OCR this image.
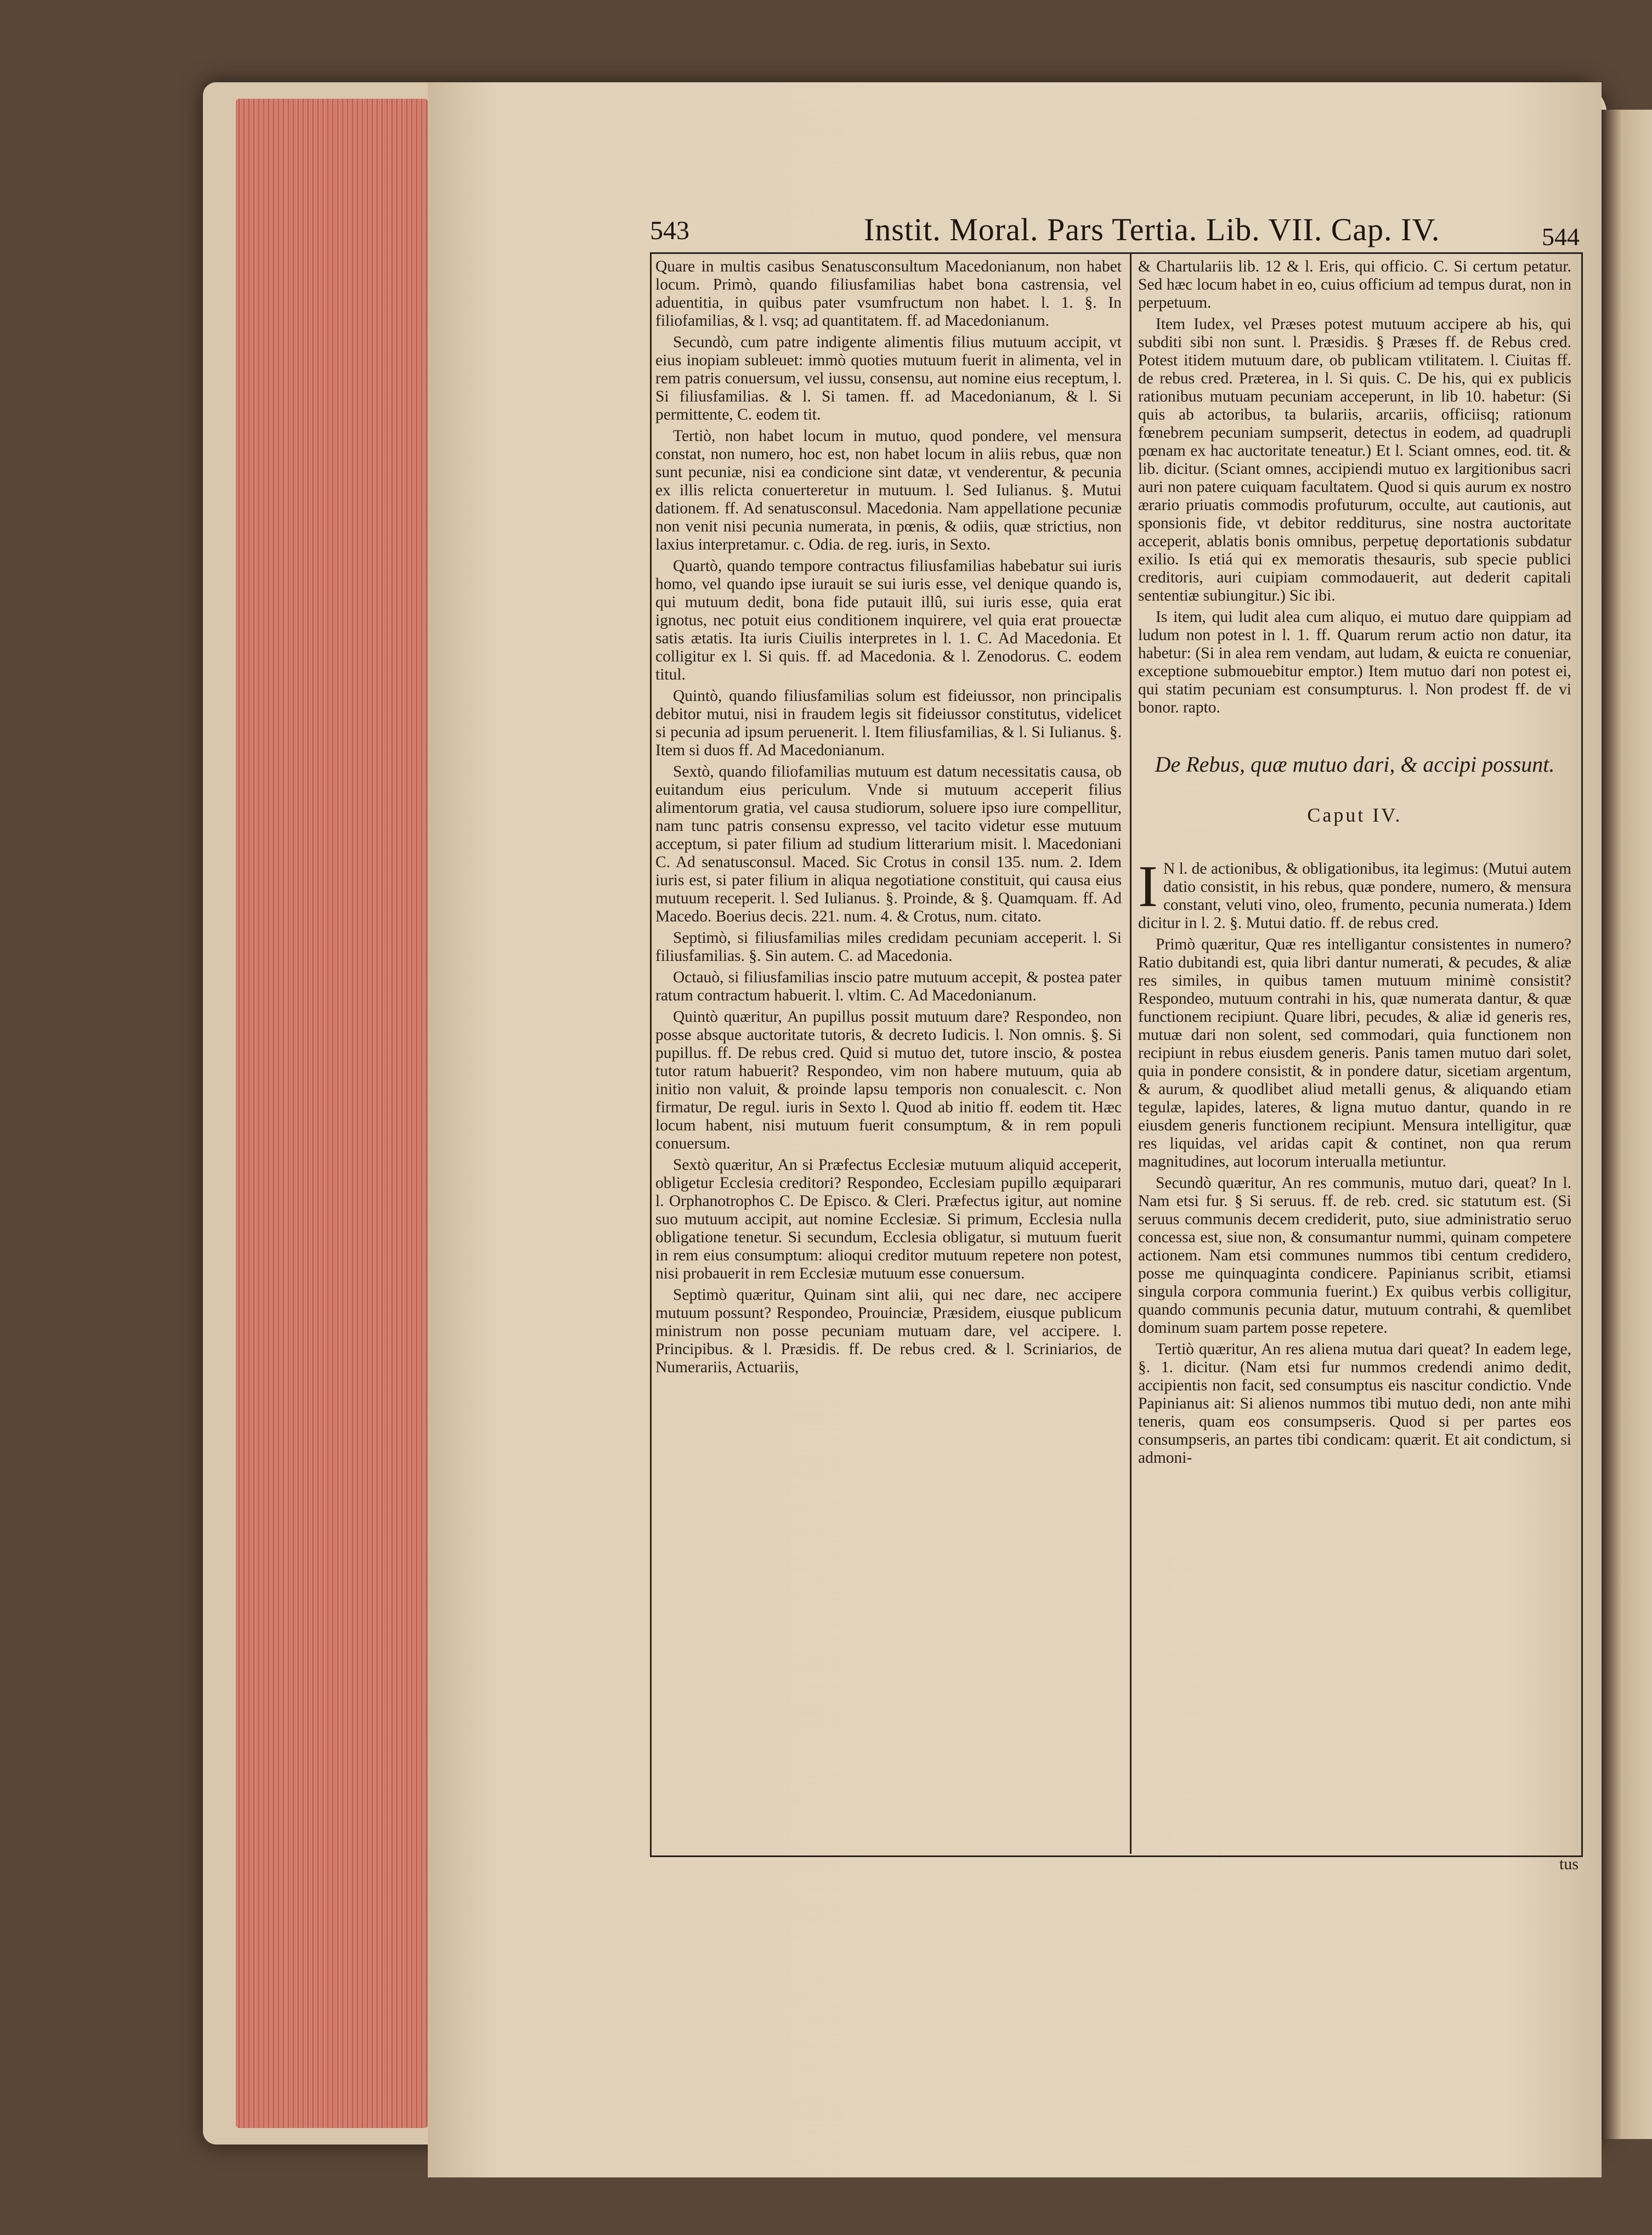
543	Instit. Moral. Pars Tertia. Lib. VII. Cap. IV.	544

Quare in multis casibus Senatusconsultum Macedonianum, non habet locum. Primò, quando filiusfamilias habet bona castrensia, vel aduentitia, in quibus pater vsumfructum non habet. l. 1. §. In filiofamilias, & l. vsq; ad quantitatem. ff. ad Macedonianum.

Secundò, cum patre indigente alimentis filius mutuum accipit, vt eius inopiam subleuet: immò quoties mutuum fuerit in alimenta, vel in rem patris conuersum, vel iussu, consensu, aut nomine eius receptum, l. Si filiusfamilias. & l. Si tamen. ff. ad Macedonianum, & l. Si permittente, C. eodem tit.

Tertiò, non habet locum in mutuo, quod pondere, vel mensura constat, non numero, hoc est, non habet locum in aliis rebus, quæ non sunt pecuniæ, nisi ea condicione sint datæ, vt venderentur, & pecunia ex illis relicta conuerteretur in mutuum. l. Sed Iulianus. §. Mutui dationem. ff. Ad senatusconsul. Macedonia. Nam appellatione pecuniæ non venit nisi pecunia numerata, in pœnis, & odiis, quæ strictius, non laxius interpretamur. c. Odia. de reg. iuris, in Sexto.

Quartò, quando tempore contractus filiusfamilias habebatur sui iuris homo, vel quando ipse iurauit se sui iuris esse, vel denique quando is, qui mutuum dedit, bona fide putauit illû, sui iuris esse, quia erat ignotus, nec potuit eius conditionem inquirere, vel quia erat prouectæ satis ætatis. Ita iuris Ciuilis interpretes in l. 1. C. Ad Macedonia. Et colligitur ex l. Si quis. ff. ad Macedonia. & l. Zenodorus. C. eodem titul.

Quintò, quando filiusfamilias solum est fideiussor, non principalis debitor mutui, nisi in fraudem legis sit fideiussor constitutus, videlicet si pecunia ad ipsum peruenerit. l. Item filiusfamilias, & l. Si Iulianus. §. Item si duos ff. Ad Macedonianum.

Sextò, quando filiofamilias mutuum est datum necessitatis causa, ob euitandum eius periculum. Vnde si mutuum acceperit filius alimentorum gratia, vel causa studiorum, soluere ipso iure compellitur, nam tunc patris consensu expresso, vel tacito videtur esse mutuum acceptum, si pater filium ad studium litterarium misit. l. Macedoniani C. Ad senatusconsul. Maced. Sic Crotus in consil 135. num. 2. Idem iuris est, si pater filium in aliqua negotiatione constituit, qui causa eius mutuum receperit. l. Sed Iulianus. §. Proinde, & §. Quamquam. ff. Ad Macedo. Boerius decis. 221. num. 4. & Crotus, num. citato.

Septimò, si filiusfamilias miles credidam pecuniam acceperit. l. Si filiusfamilias. §. Sin autem. C. ad Macedonia.

Octauò, si filiusfamilias inscio patre mutuum accepit, & postea pater ratum contractum habuerit. l. vltim. C. Ad Macedonianum.

Quintò quæritur, An pupillus possit mutuum dare? Respondeo, non posse absque auctoritate tutoris, & decreto Iudicis. l. Non omnis. §. Si pupillus. ff. De rebus cred. Quid si mutuo det, tutore inscio, & postea tutor ratum habuerit? Respondeo, vim non habere mutuum, quia ab initio non valuit, & proinde lapsu temporis non conualescit. c. Non firmatur, De regul. iuris in Sexto l. Quod ab initio ff. eodem tit. Hæc locum habent, nisi mutuum fuerit consumptum, & in rem populi conuersum.

Sextò quæritur, An si Præfectus Ecclesiæ mutuum aliquid acceperit, obligetur Ecclesia creditori? Respondeo, Ecclesiam pupillo æquiparari l. Orphanotrophos C. De Episco. & Cleri. Præfectus igitur, aut nomine suo mutuum accipit, aut nomine Ecclesiæ. Si primum, Ecclesia nulla obligatione tenetur. Si secundum, Ecclesia obligatur, si mutuum fuerit in rem eius consumptum: alioqui creditor mutuum repetere non potest, nisi probauerit in rem Ecclesiæ mutuum esse conuersum.

Septimò quæritur, Quinam sint alii, qui nec dare, nec accipere mutuum possunt? Respondeo, Prouinciæ, Præsidem, eiusque publicum ministrum non posse pecuniam mutuam dare, vel accipere. l. Principibus. & l. Præsidis. ff. De rebus cred. & l. Scriniarios, de Numerariis, Actuariis,

& Chartulariis lib. 12 & l. Eris, qui officio. C. Si certum petatur. Sed hæc locum habet in eo, cuius officium ad tempus durat, non in perpetuum.

Item Iudex, vel Præses potest mutuum accipere ab his, qui subditi sibi non sunt. l. Præsidis. § Præses ff. de Rebus cred. Potest itidem mutuum dare, ob publicam vtilitatem. l. Ciuitas ff. de rebus cred. Præterea, in l. Si quis. C. De his, qui ex publicis rationibus mutuam pecuniam acceperunt, in lib 10. habetur: (Si quis ab actoribus, ta bulariis, arcariis, officiisq; rationum fœnebrem pecuniam sumpserit, detectus in eodem, ad quadrupli pœnam ex hac auctoritate teneatur.) Et l. Sciant omnes, eod. tit. & lib. dicitur. (Sciant omnes, accipiendi mutuo ex largitionibus sacri auri non patere cuiquam facultatem. Quod si quis aurum ex nostro ærario priuatis commodis profuturum, occulte, aut cautionis, aut sponsionis fide, vt debitor redditurus, sine nostra auctoritate acceperit, ablatis bonis omnibus, perpetuę deportationis subdatur exilio. Is etiá qui ex memoratis thesauris, sub specie publici creditoris, auri cuipiam commodauerit, aut dederit capitali sententiæ subiungitur.) Sic ibi.

Is item, qui ludit alea cum aliquo, ei mutuo dare quippiam ad ludum non potest in l. 1. ff. Quarum rerum actio non datur, ita habetur: (Si in alea rem vendam, aut ludam, & euicta re conueniar, exceptione submouebitur emptor.) Item mutuo dari non potest ei, qui statim pecuniam est consumpturus. l. Non prodest ff. de vi bonor. rapto.

De Rebus, quæ mutuo dari, & accipi possunt.

Caput IV.

I N l. de actionibus, & obligationibus, ita legimus: (Mutui autem datio consistit, in his rebus, quæ pondere, numero, & mensura constant, veluti vino, oleo, frumento, pecunia numerata.) Idem dicitur in l. 2. §. Mutui datio. ff. de rebus cred.

Primò quæritur, Quæ res intelligantur consistentes in numero? Ratio dubitandi est, quia libri dantur numerati, & pecudes, & aliæ res similes, in quibus tamen mutuum minimè consistit? Respondeo, mutuum contrahi in his, quæ numerata dantur, & quæ functionem recipiunt. Quare libri, pecudes, & aliæ id generis res, mutuæ dari non solent, sed commodari, quia functionem non recipiunt in rebus eiusdem generis. Panis tamen mutuo dari solet, quia in pondere consistit, & in pondere datur, sicetiam argentum, & aurum, & quodlibet aliud metalli genus, & aliquando etiam tegulæ, lapides, lateres, & ligna mutuo dantur, quando in re eiusdem generis functionem recipiunt. Mensura intelligitur, quæ res liquidas, vel aridas capit & continet, non qua rerum magnitudines, aut locorum interualla metiuntur.

Secundò quæritur, An res communis, mutuo dari, queat? In l. Nam etsi fur. § Si seruus. ff. de reb. cred. sic statutum est. (Si seruus communis decem crediderit, puto, siue administratio seruo concessa est, siue non, & consumantur nummi, quinam competere actionem. Nam etsi communes nummos tibi centum credidero, posse me quinquaginta condicere. Papinianus scribit, etiamsi singula corpora communia fuerint.) Ex quibus verbis colligitur, quando communis pecunia datur, mutuum contrahi, & quemlibet dominum suam partem posse repetere.

Tertiò quæritur, An res aliena mutua dari queat? In eadem lege, §. 1. dicitur. (Nam etsi fur nummos credendi animo dedit, accipientis non facit, sed consumptus eis nascitur condictio. Vnde Papinianus ait: Si alienos nummos tibi mutuo dedi, non ante mihi teneris, quam eos consumpseris. Quod si per partes eos consumpseris, an partes tibi condicam: quærit. Et ait condictum, si admoni-

tus
